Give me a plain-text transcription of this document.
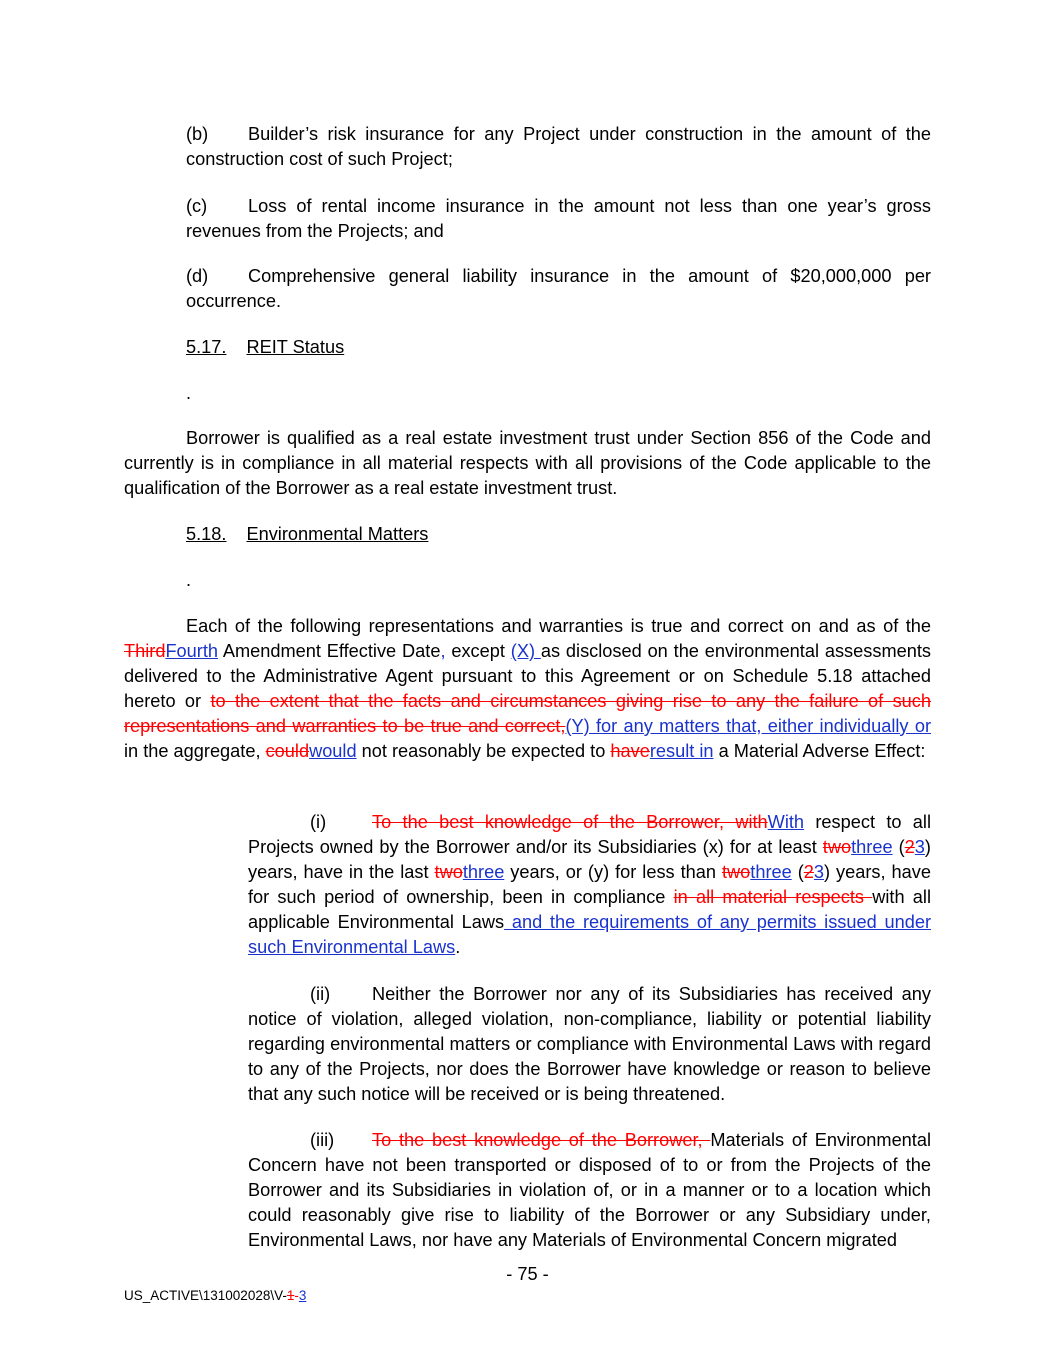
(b) Builder’s risk insurance for any Project under construction in the amount of the construction cost of such Project;

(c) Loss of rental income insurance in the amount not less than one year’s gross revenues from the Projects; and

(d) Comprehensive general liability insurance in the amount of $20,000,000 per occurrence.

5.17. REIT Status
.

Borrower is qualified as a real estate investment trust under Section 856 of the Code and currently is in compliance in all material respects with all provisions of the Code applicable to the qualification of the Borrower as a real estate investment trust.

5.18. Environmental Matters
.

Each of the following representations and warranties is true and correct on and as of the ThirdFourth Amendment Effective Date, except (X) as disclosed on the environmental assessments delivered to the Administrative Agent pursuant to this Agreement or on Schedule 5.18 attached hereto or to the extent that the facts and circumstances giving rise to any the failure of such representations and warranties to be true and correct,(Y) for any matters that, either individually or in the aggregate, couldwould not reasonably be expected to haveresult in a Material Adverse Effect:

(i)	To the best knowledge of the Borrower, withWith respect to all Projects owned by the Borrower and/or its Subsidiaries (x) for at least twothree (23) years, have in the last twothree years, or (y) for less than twothree (23) years, have for such period of ownership, been in compliance in all material respects with all applicable Environmental Laws and the requirements of any permits issued under such Environmental Laws.

(ii) Neither the Borrower nor any of its Subsidiaries has received any notice of violation, alleged violation, non-compliance, liability or potential liability regarding environmental matters or compliance with Environmental Laws with regard to any of the Projects, nor does the Borrower have knowledge or reason to believe that any such notice will be received or is being threatened.

(iii) To the best knowledge of the Borrower, Materials of Environmental Concern have not been transported or disposed of to or from the Projects of the Borrower and its Subsidiaries in violation of, or in a manner or to a location which could reasonably give rise to liability of the Borrower or any Subsidiary under, Environmental Laws, nor have any Materials of Environmental Concern migrated

- 75 -
US_ACTIVE\131002028\V-1-3
